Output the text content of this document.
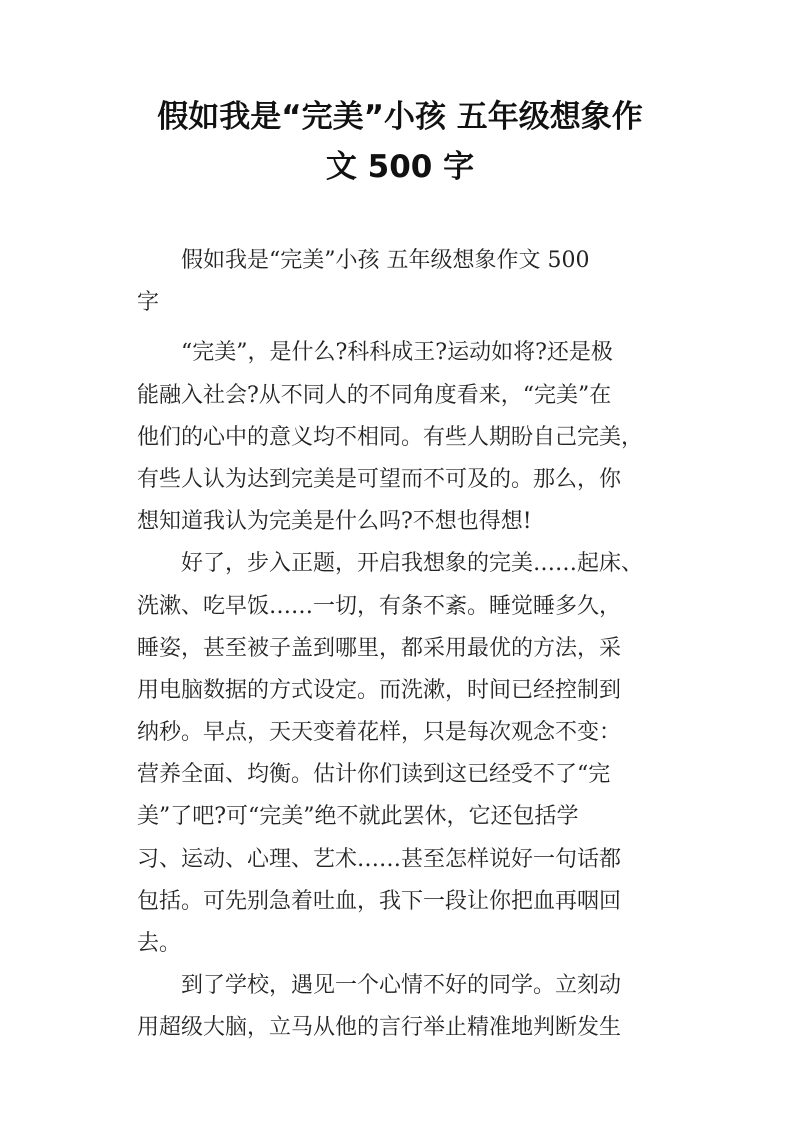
假如我是“完美”小孩 五年级想象作
文 500 字
假如我是“完美”小孩 五年级想象作文 500
字
“完美”，是什么?科科成王?运动如将?还是极
能融入社会?从不同人的不同角度看来，“完美”在
他们的心中的意义均不相同。有些人期盼自己完美，
有些人认为达到完美是可望而不可及的。那么，你
想知道我认为完美是什么吗?不想也得想!
好了，步入正题，开启我想象的完美……起床、
洗漱、吃早饭……一切，有条不紊。睡觉睡多久，
睡姿，甚至被子盖到哪里，都采用最优的方法，采
用电脑数据的方式设定。而洗漱，时间已经控制到
纳秒。早点，天天变着花样，只是每次观念不变：
营养全面、均衡。估计你们读到这已经受不了“完
美”了吧?可“完美”绝不就此罢休，它还包括学
习、运动、心理、艺术……甚至怎样说好一句话都
包括。可先别急着吐血，我下一段让你把血再咽回
去。
到了学校，遇见一个心情不好的同学。立刻动
用超级大脑，立马从他的言行举止精准地判断发生
